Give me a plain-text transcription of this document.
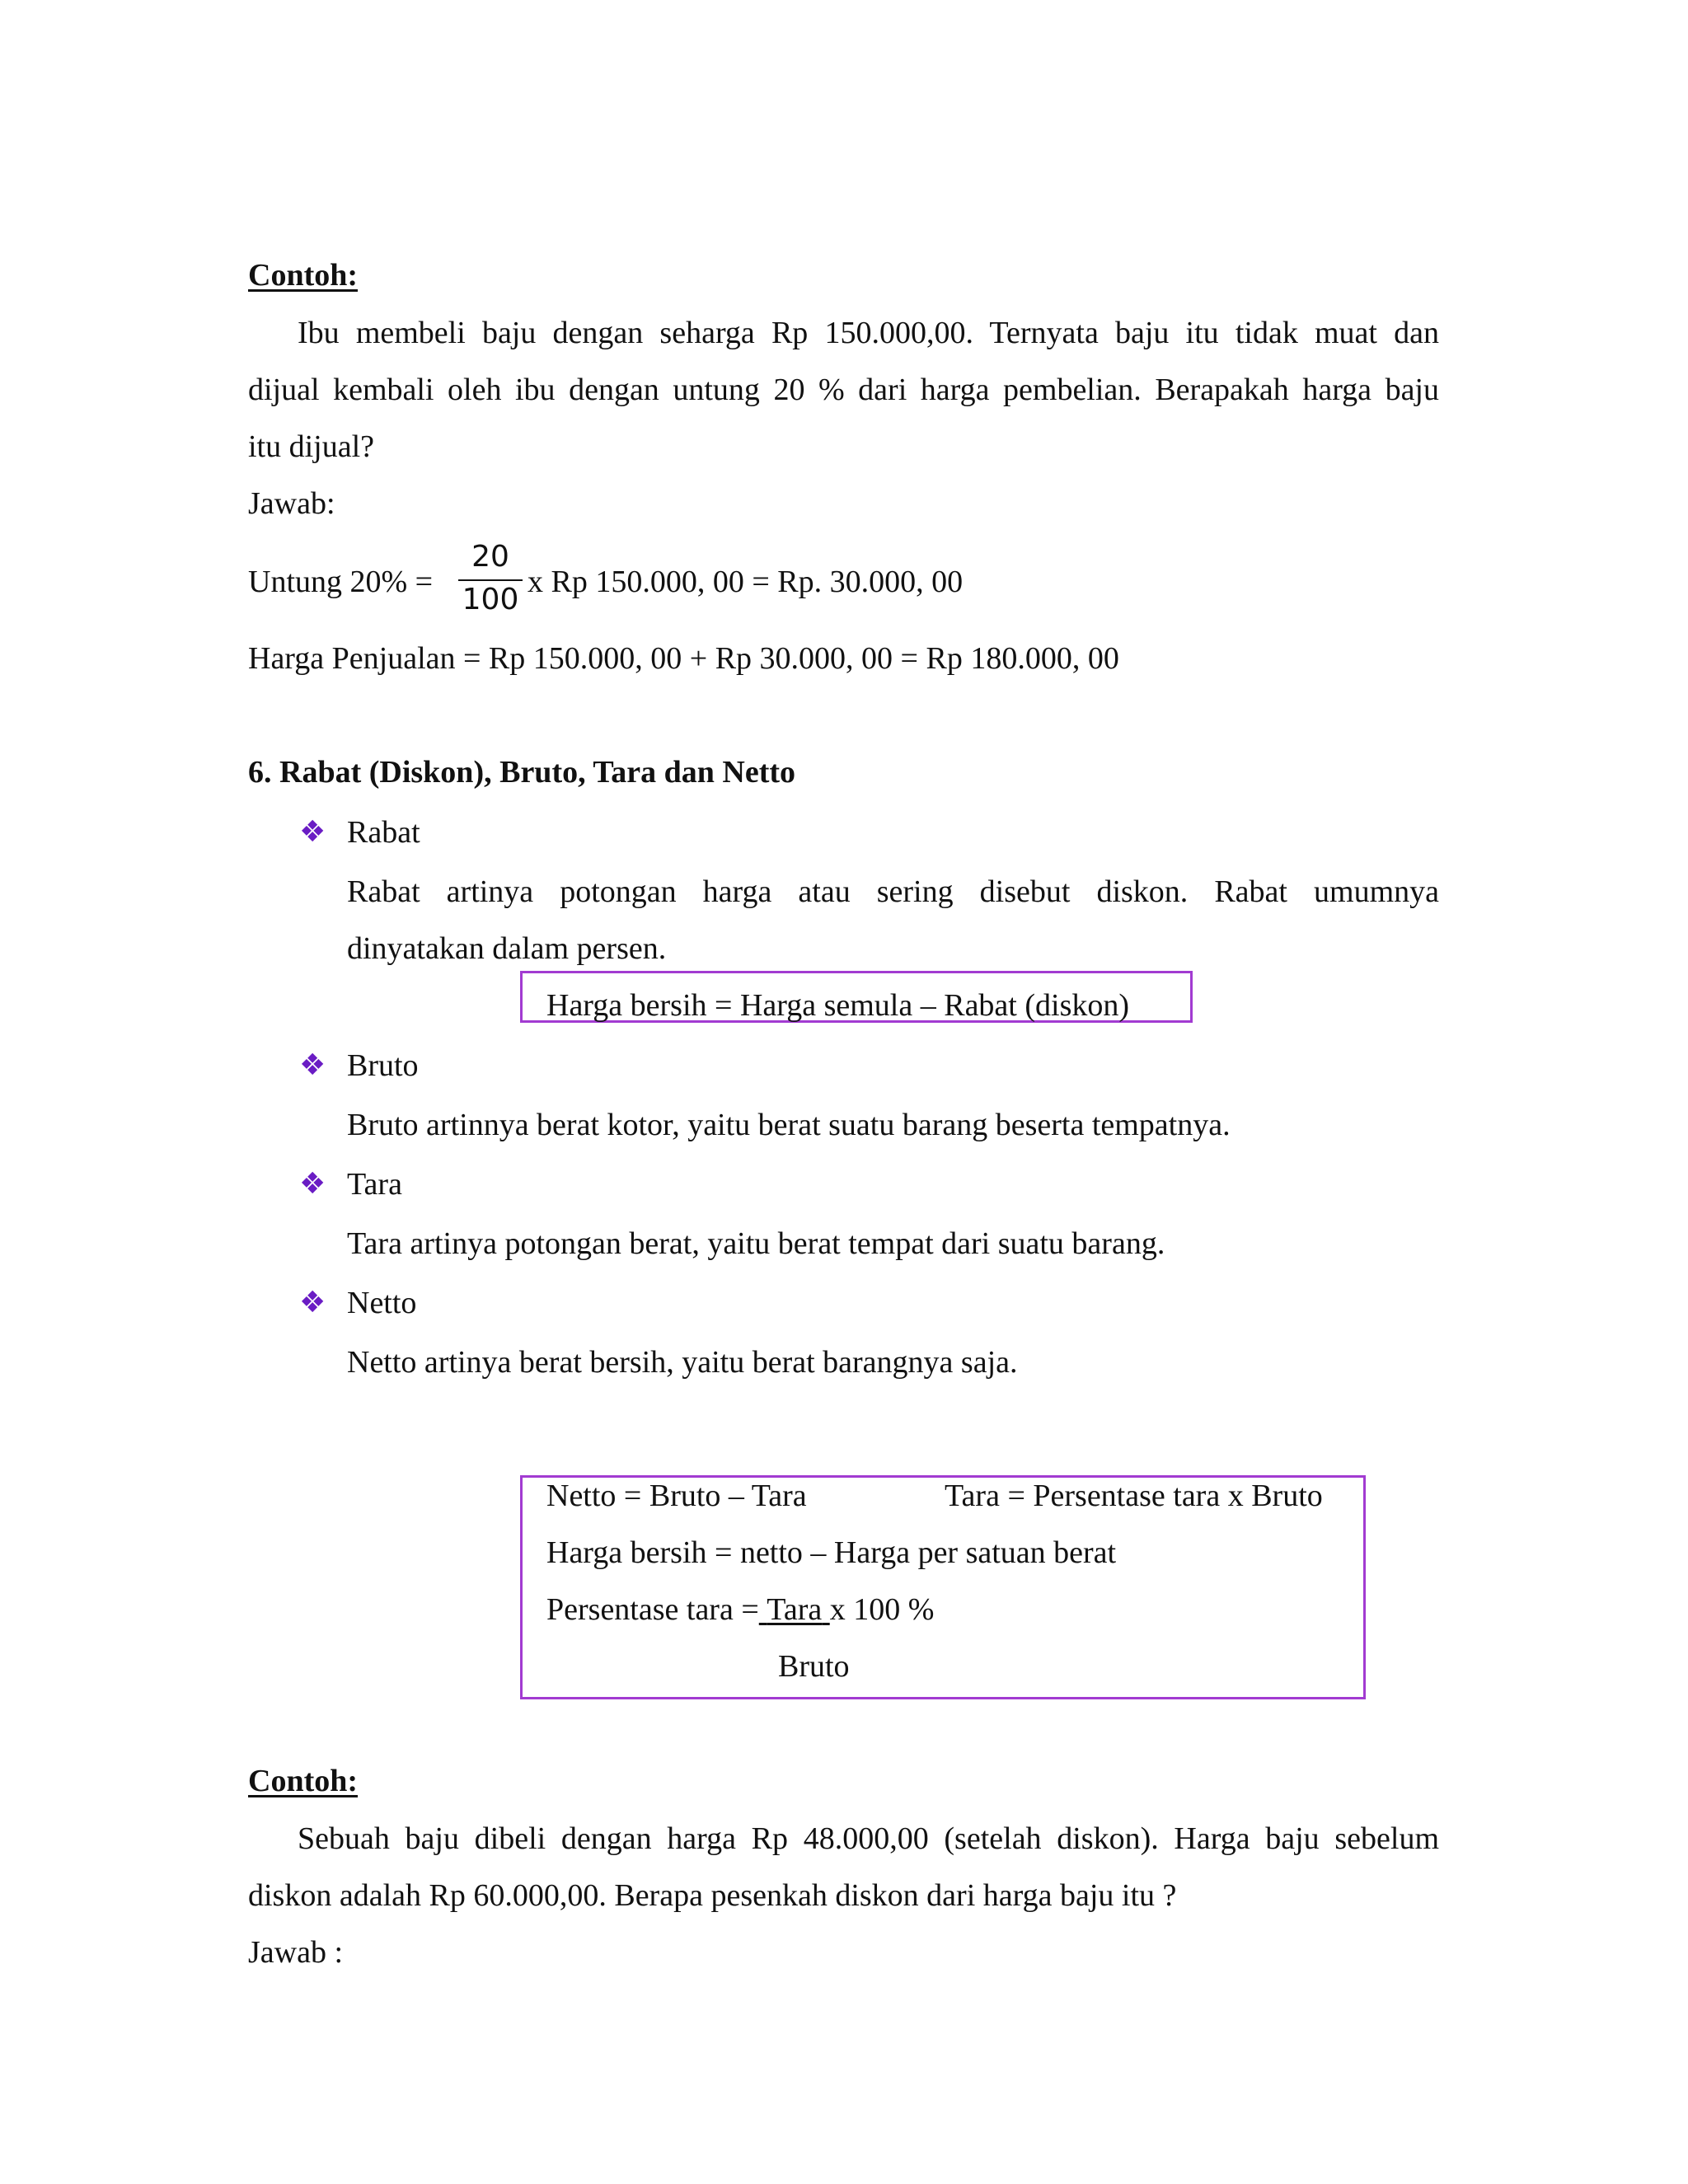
Contoh:
Ibu membeli baju dengan seharga Rp 150.000,00. Ternyata baju itu tidak muat dan
dijual kembali oleh ibu dengan untung 20 % dari harga pembelian. Berapakah harga baju
itu dijual?
Jawab:
Untung 20% =
20
100
x Rp 150.000, 00 = Rp. 30.000, 00
Harga Penjualan = Rp 150.000, 00 + Rp 30.000, 00 = Rp 180.000, 00
6. Rabat (Diskon), Bruto, Tara dan Netto
❖ Rabat
Rabat artinya potongan harga atau sering disebut diskon. Rabat umumnya
dinyatakan dalam persen.
Harga bersih = Harga semula – Rabat (diskon)
❖ Bruto
Bruto artinnya berat kotor, yaitu berat suatu barang beserta tempatnya.
❖ Tara
Tara artinya potongan berat, yaitu berat tempat dari suatu barang.
❖ Netto
Netto artinya berat bersih, yaitu berat barangnya saja.
Netto = Bruto – Tara	Tara = Persentase tara x Bruto
Harga bersih = netto – Harga per satuan berat
Persentase tara = Tara x 100 %
Bruto
Contoh:
Sebuah baju dibeli dengan harga Rp 48.000,00 (setelah diskon). Harga baju sebelum
diskon adalah Rp 60.000,00. Berapa pesenkah diskon dari harga baju itu ?
Jawab :
